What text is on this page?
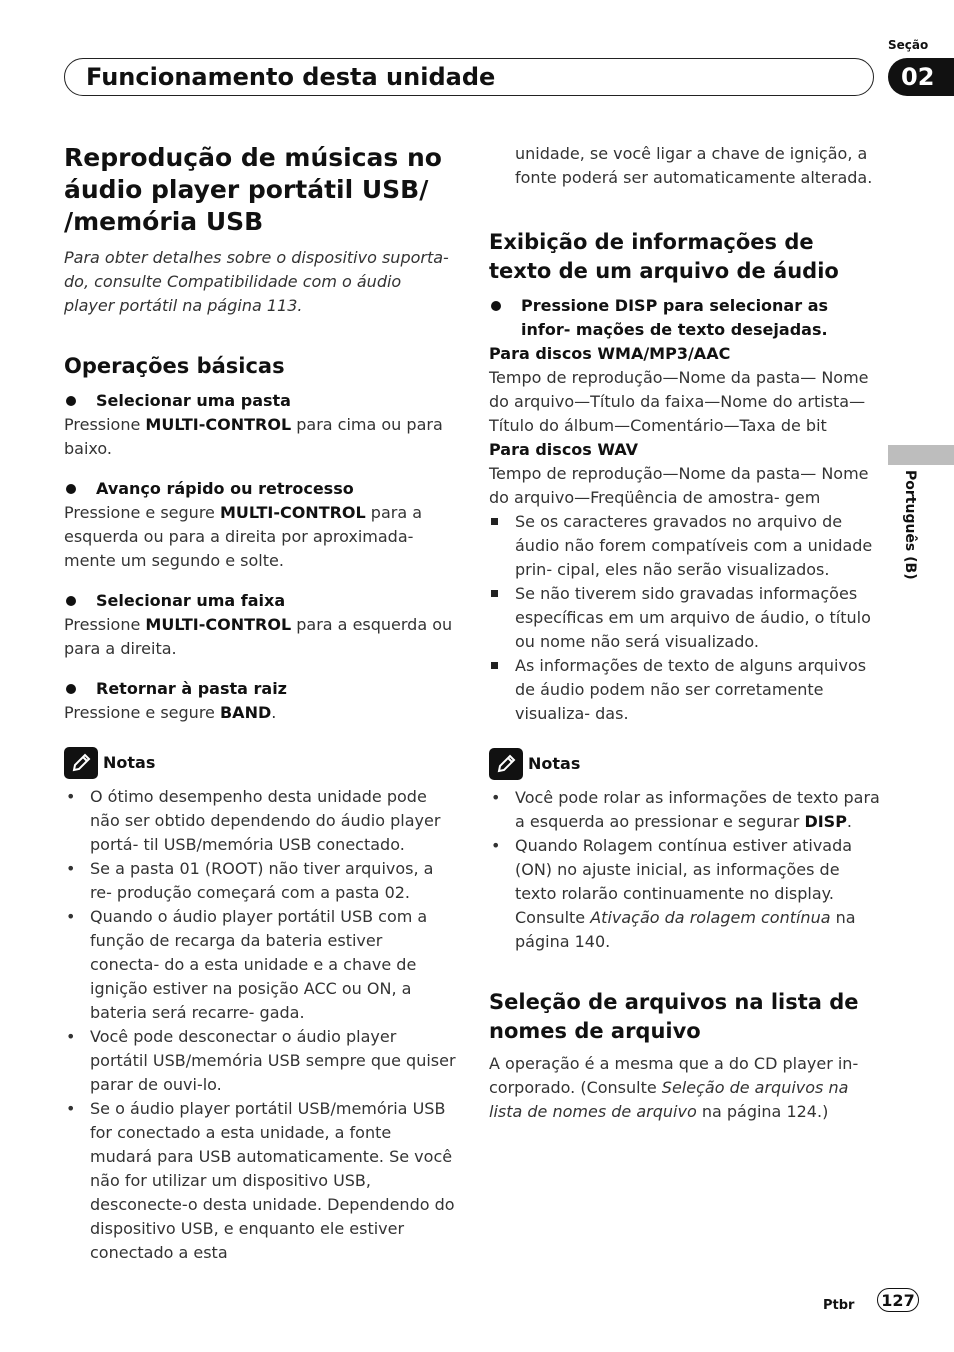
Funcionamento desta unidade
Seção
02
Português (B)
Reprodução de músicas no áudio player portátil USB/ /memória USB

Para obter detalhes sobre o dispositivo suporta- do, consulte Compatibilidade com o áudio player portátil na página 113.

Operações básicas
Selecionar uma pasta

Pressione MULTI-CONTROL para cima ou para baixo.

Avanço rápido ou retrocesso

Pressione e segure MULTI-CONTROL para a esquerda ou para a direita por aproximada- mente um segundo e solte.

Selecionar uma faixa

Pressione MULTI-CONTROL para a esquerda ou para a direita.

Retornar à pasta raiz

Pressione e segure BAND.

Notas
• O ótimo desempenho desta unidade pode não ser obtido dependendo do áudio player portá- til USB/memória USB conectado.
• Se a pasta 01 (ROOT) não tiver arquivos, a re- produção começará com a pasta 02.
• Quando o áudio player portátil USB com a função de recarga da bateria estiver conecta- do a esta unidade e a chave de ignição estiver na posição ACC ou ON, a bateria será recarre- gada.
• Você pode desconectar o áudio player portátil USB/memória USB sempre que quiser parar de ouvi-lo.
• Se o áudio player portátil USB/memória USB for conectado a esta unidade, a fonte mudará para USB automaticamente. Se você não for utilizar um dispositivo USB, desconecte-o desta unidade. Dependendo do dispositivo USB, e enquanto ele estiver conectado a esta

unidade, se você ligar a chave de ignição, a fonte poderá ser automaticamente alterada.

Exibição de informações de texto de um arquivo de áudio
Pressione DISP para selecionar as infor- mações de texto desejadas.

Para discos WMA/MP3/AAC

Tempo de reprodução—Nome da pasta— Nome do arquivo—Título da faixa—Nome do artista—Título do álbum—Comentário—Taxa de bit

Para discos WAV

Tempo de reprodução—Nome da pasta— Nome do arquivo—Freqüência de amostra- gem

Se os caracteres gravados no arquivo de áudio não forem compatíveis com a unidade prin- cipal, eles não serão visualizados.

Se não tiverem sido gravadas informações específicas em um arquivo de áudio, o título ou nome não será visualizado.

As informações de texto de alguns arquivos de áudio podem não ser corretamente visualiza- das.

Notas
• Você pode rolar as informações de texto para a esquerda ao pressionar e segurar DISP.
• Quando Rolagem contínua estiver ativada (ON) no ajuste inicial, as informações de texto rolarão continuamente no display. Consulte Ativação da rolagem contínua na página 140.
Seleção de arquivos na lista de nomes de arquivo

A operação é a mesma que a do CD player in- corporado. (Consulte Seleção de arquivos na lista de nomes de arquivo na página 124.)

Ptbr 127
